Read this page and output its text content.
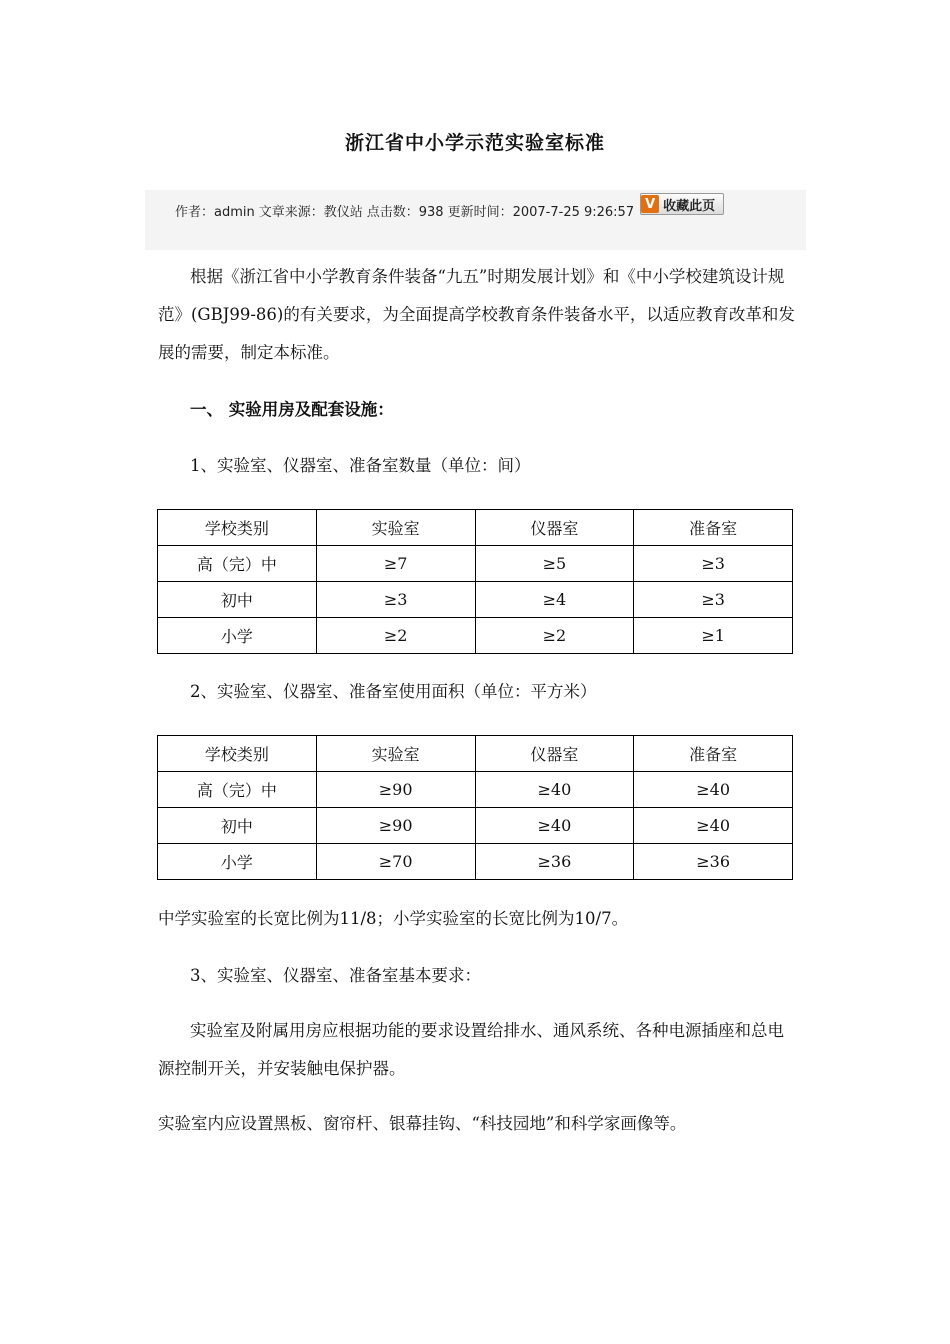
浙江省中小学示范实验室标准
作者：admin 文章来源：教仪站 点击数：938 更新时间：2007-7-25 9:26:57
V 收藏此页
根据《浙江省中小学教育条件装备“九五”时期发展计划》和《中小学校建筑设计规范》(GBJ99-86)的有关要求，为全面提高学校教育条件装备水平，以适应教育改革和发展的需要，制定本标准。
一、 实验用房及配套设施：
1、实验室、仪器室、准备室数量（单位：间）
学校类别	实验室	仪器室	准备室
高（完）中	≥7	≥5	≥3
初中	≥3	≥4	≥3
小学	≥2	≥2	≥1
2、实验室、仪器室、准备室使用面积（单位：平方米）
学校类别	实验室	仪器室	准备室
高（完）中	≥90	≥40	≥40
初中	≥90	≥40	≥40
小学	≥70	≥36	≥36
中学实验室的长宽比例为11/8；小学实验室的长宽比例为10/7。
3、实验室、仪器室、准备室基本要求：
实验室及附属用房应根据功能的要求设置给排水、通风系统、各种电源插座和总电源控制开关，并安装触电保护器。
实验室内应设置黑板、窗帘杆、银幕挂钩、“科技园地”和科学家画像等。
